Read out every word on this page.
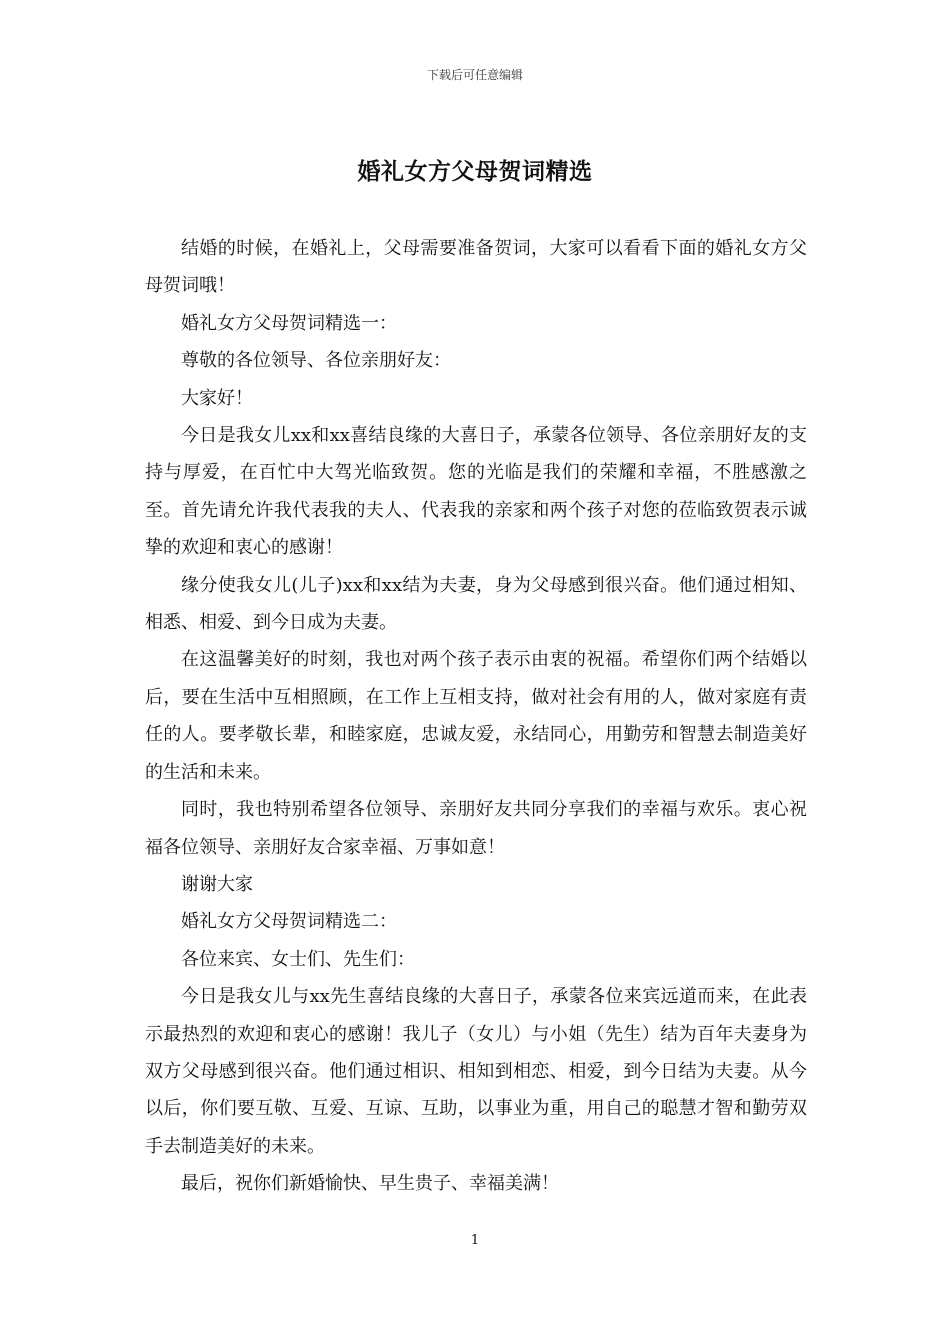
下载后可任意编辑
婚礼女方父母贺词精选

结婚的时候，在婚礼上，父母需要准备贺词，大家可以看看下面的婚礼女方父母贺词哦！

婚礼女方父母贺词精选一：

尊敬的各位领导、各位亲朋好友：

大家好！

今日是我女儿xx和xx喜结良缘的大喜日子，承蒙各位领导、各位亲朋好友的支持与厚爱，在百忙中大驾光临致贺。您的光临是我们的荣耀和幸福，不胜感激之至。首先请允许我代表我的夫人、代表我的亲家和两个孩子对您的莅临致贺表示诚挚的欢迎和衷心的感谢！

缘分使我女儿(儿子)xx和xx结为夫妻，身为父母感到很兴奋。他们通过相知、相悉、相爱、到今日成为夫妻。

在这温馨美好的时刻，我也对两个孩子表示由衷的祝福。希望你们两个结婚以后，要在生活中互相照顾，在工作上互相支持，做对社会有用的人，做对家庭有责任的人。要孝敬长辈，和睦家庭，忠诚友爱，永结同心，用勤劳和智慧去制造美好的生活和未来。

同时，我也特别希望各位领导、亲朋好友共同分享我们的幸福与欢乐。衷心祝福各位领导、亲朋好友合家幸福、万事如意！

谢谢大家

婚礼女方父母贺词精选二：

各位来宾、女士们、先生们：

今日是我女儿与xx先生喜结良缘的大喜日子，承蒙各位来宾远道而来，在此表示最热烈的欢迎和衷心的感谢！我儿子（女儿）与小姐（先生）结为百年夫妻身为双方父母感到很兴奋。他们通过相识、相知到相恋、相爱，到今日结为夫妻。从今以后，你们要互敬、互爱、互谅、互助，以事业为重，用自己的聪慧才智和勤劳双手去制造美好的未来。

最后，祝你们新婚愉快、早生贵子、幸福美满！

1
